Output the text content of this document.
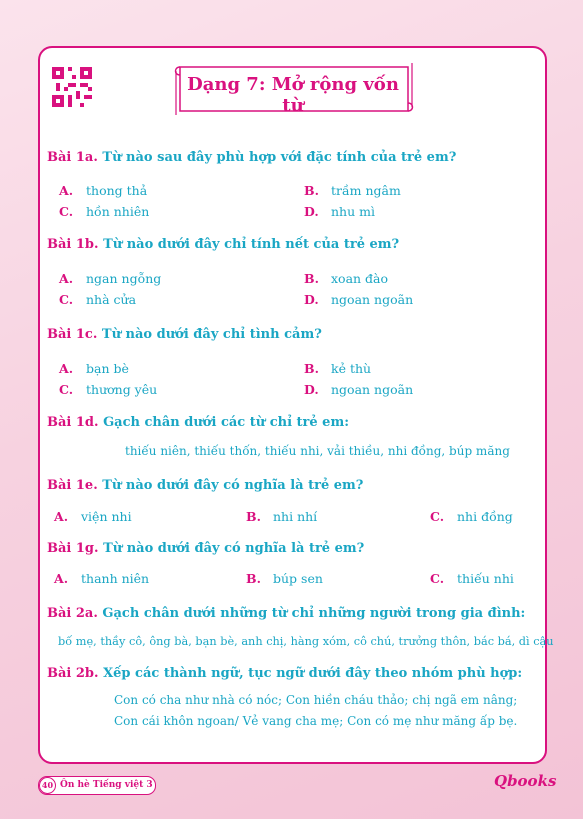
Dạng 7: Mở rộng vốn từ
Bài 1a. Từ nào sau đây phù hợp với đặc tính của trẻ em?
A. thong thả	B. trầm ngâm
C. hồn nhiên	D. nhu mì
Bài 1b. Từ nào dưới đây chỉ tính nết của trẻ em?
A. ngan ngỗng	B. xoan đào
C. nhà cửa	D. ngoan ngoãn
Bài 1c. Từ nào dưới đây chỉ tình cảm?
A. bạn bè	B. kẻ thù
C. thương yêu	D. ngoan ngoãn
Bài 1d. Gạch chân dưới các từ chỉ trẻ em:
thiếu niên, thiếu thốn, thiếu nhi, vải thiều, nhi đồng, búp măng
Bài 1e. Từ nào dưới đây có nghĩa là trẻ em?
A. viện nhi	B. nhi nhí	C. nhi đồng
Bài 1g. Từ nào dưới đây có nghĩa là trẻ em?
A. thanh niên	B. búp sen	C. thiếu nhi
Bài 2a. Gạch chân dưới những từ chỉ những người trong gia đình:
bố mẹ, thầy cô, ông bà, bạn bè, anh chị, hàng xóm, cô chú, trưởng thôn, bác bá, dì cậu
Bài 2b. Xếp các thành ngữ, tục ngữ dưới đây theo nhóm phù hợp:
Con có cha như nhà có nóc; Con hiền cháu thảo; chị ngã em nâng;
Con cái khôn ngoan/ Vẻ vang cha mẹ; Con có mẹ như măng ấp bẹ.
40 Ôn hè Tiếng việt 3	Qbooks
